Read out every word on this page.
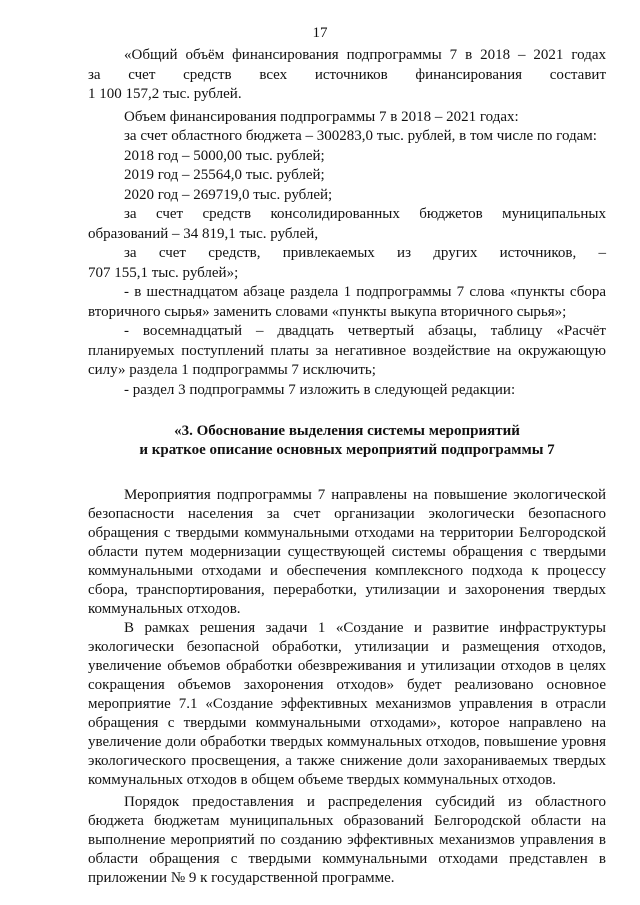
17
«Общий объём финансирования подпрограммы 7 в 2018 – 2021 годах
за счет средств всех источников финансирования составит
1 100 157,2 тыс. рублей.
Объем финансирования подпрограммы 7 в 2018 – 2021 годах:
за счет областного бюджета – 300283,0 тыс. рублей, в том числе по годам:
2018 год – 5000,00 тыс. рублей;
2019 год – 25564,0 тыс. рублей;
2020 год – 269719,0 тыс. рублей;
за счет средств консолидированных бюджетов муниципальных
образований – 34 819,1 тыс. рублей,
за счет средств, привлекаемых из других источников, –
707 155,1 тыс. рублей»;

- в шестнадцатом абзаце раздела 1 подпрограммы 7 слова «пункты сбора вторичного сырья» заменить словами «пункты выкупа вторичного сырья»;

- восемнадцатый – двадцать четвертый абзацы, таблицу «Расчёт планируемых поступлений платы за негативное воздействие на окружающую силу» раздела 1 подпрограммы 7 исключить;

- раздел 3 подпрограммы 7 изложить в следующей редакции:

«3. Обоснование выделения системы мероприятий
и краткое описание основных мероприятий подпрограммы 7

Мероприятия подпрограммы 7 направлены на повышение экологической безопасности населения за счет организации экологически безопасного обращения с твердыми коммунальными отходами на территории Белгородской области путем модернизации существующей системы обращения с твердыми коммунальными отходами и обеспечения комплексного подхода к процессу сбора, транспортирования, переработки, утилизации и захоронения твердых коммунальных отходов.

В рамках решения задачи 1 «Создание и развитие инфраструктуры экологически безопасной обработки, утилизации и размещения отходов, увеличение объемов обработки обезвреживания и утилизации отходов в целях сокращения объемов захоронения отходов» будет реализовано основное мероприятие 7.1 «Создание эффективных механизмов управления в отрасли обращения с твердыми коммунальными отходами», которое направлено на увеличение доли обработки твердых коммунальных отходов, повышение уровня экологического просвещения, а также снижение доли захораниваемых твердых коммунальных отходов в общем объеме твердых коммунальных отходов.

Порядок предоставления и распределения субсидий из областного бюджета бюджетам муниципальных образований Белгородской области на выполнение мероприятий по созданию эффективных механизмов управления в области обращения с твердыми коммунальными отходами представлен в приложении № 9 к государственной программе.
